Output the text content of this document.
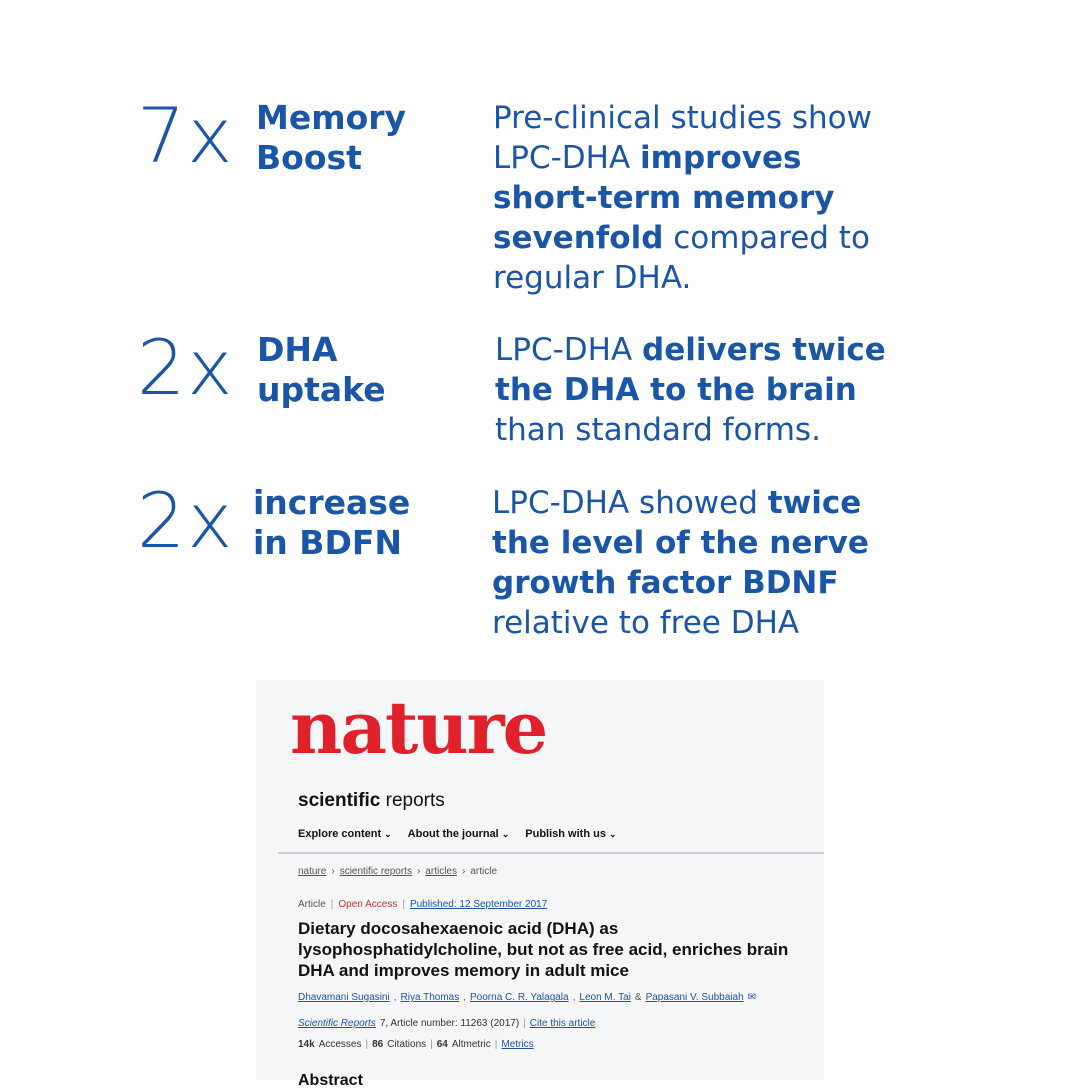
7x Memory
Boost
Pre-clinical studies show LPC-DHA improves short-term memory sevenfold compared to regular DHA.
2x DHA
uptake
LPC-DHA delivers twice the DHA to the brain than standard forms.
2x increase
in BDFN
LPC-DHA showed twice the level of the nerve growth factor BDNF relative to free DHA
nature
scientific reports
Explore content ⌄ About the journal ⌄ Publish with us ⌄
nature › scientific reports › articles › article
Article | Open Access | Published: 12 September 2017
Dietary docosahexaenoic acid (DHA) as lysophosphatidylcholine, but not as free acid, enriches brain DHA and improves memory in adult mice
Dhavamani Sugasini , Riya Thomas , Poorna C. R. Yalagala , Leon M. Tai & Papasani V. Subbaiah ✉
Scientific Reports 7, Article number: 11263 (2017) | Cite this article
14k Accesses | 86 Citations | 64 Altmetric | Metrics
Abstract
